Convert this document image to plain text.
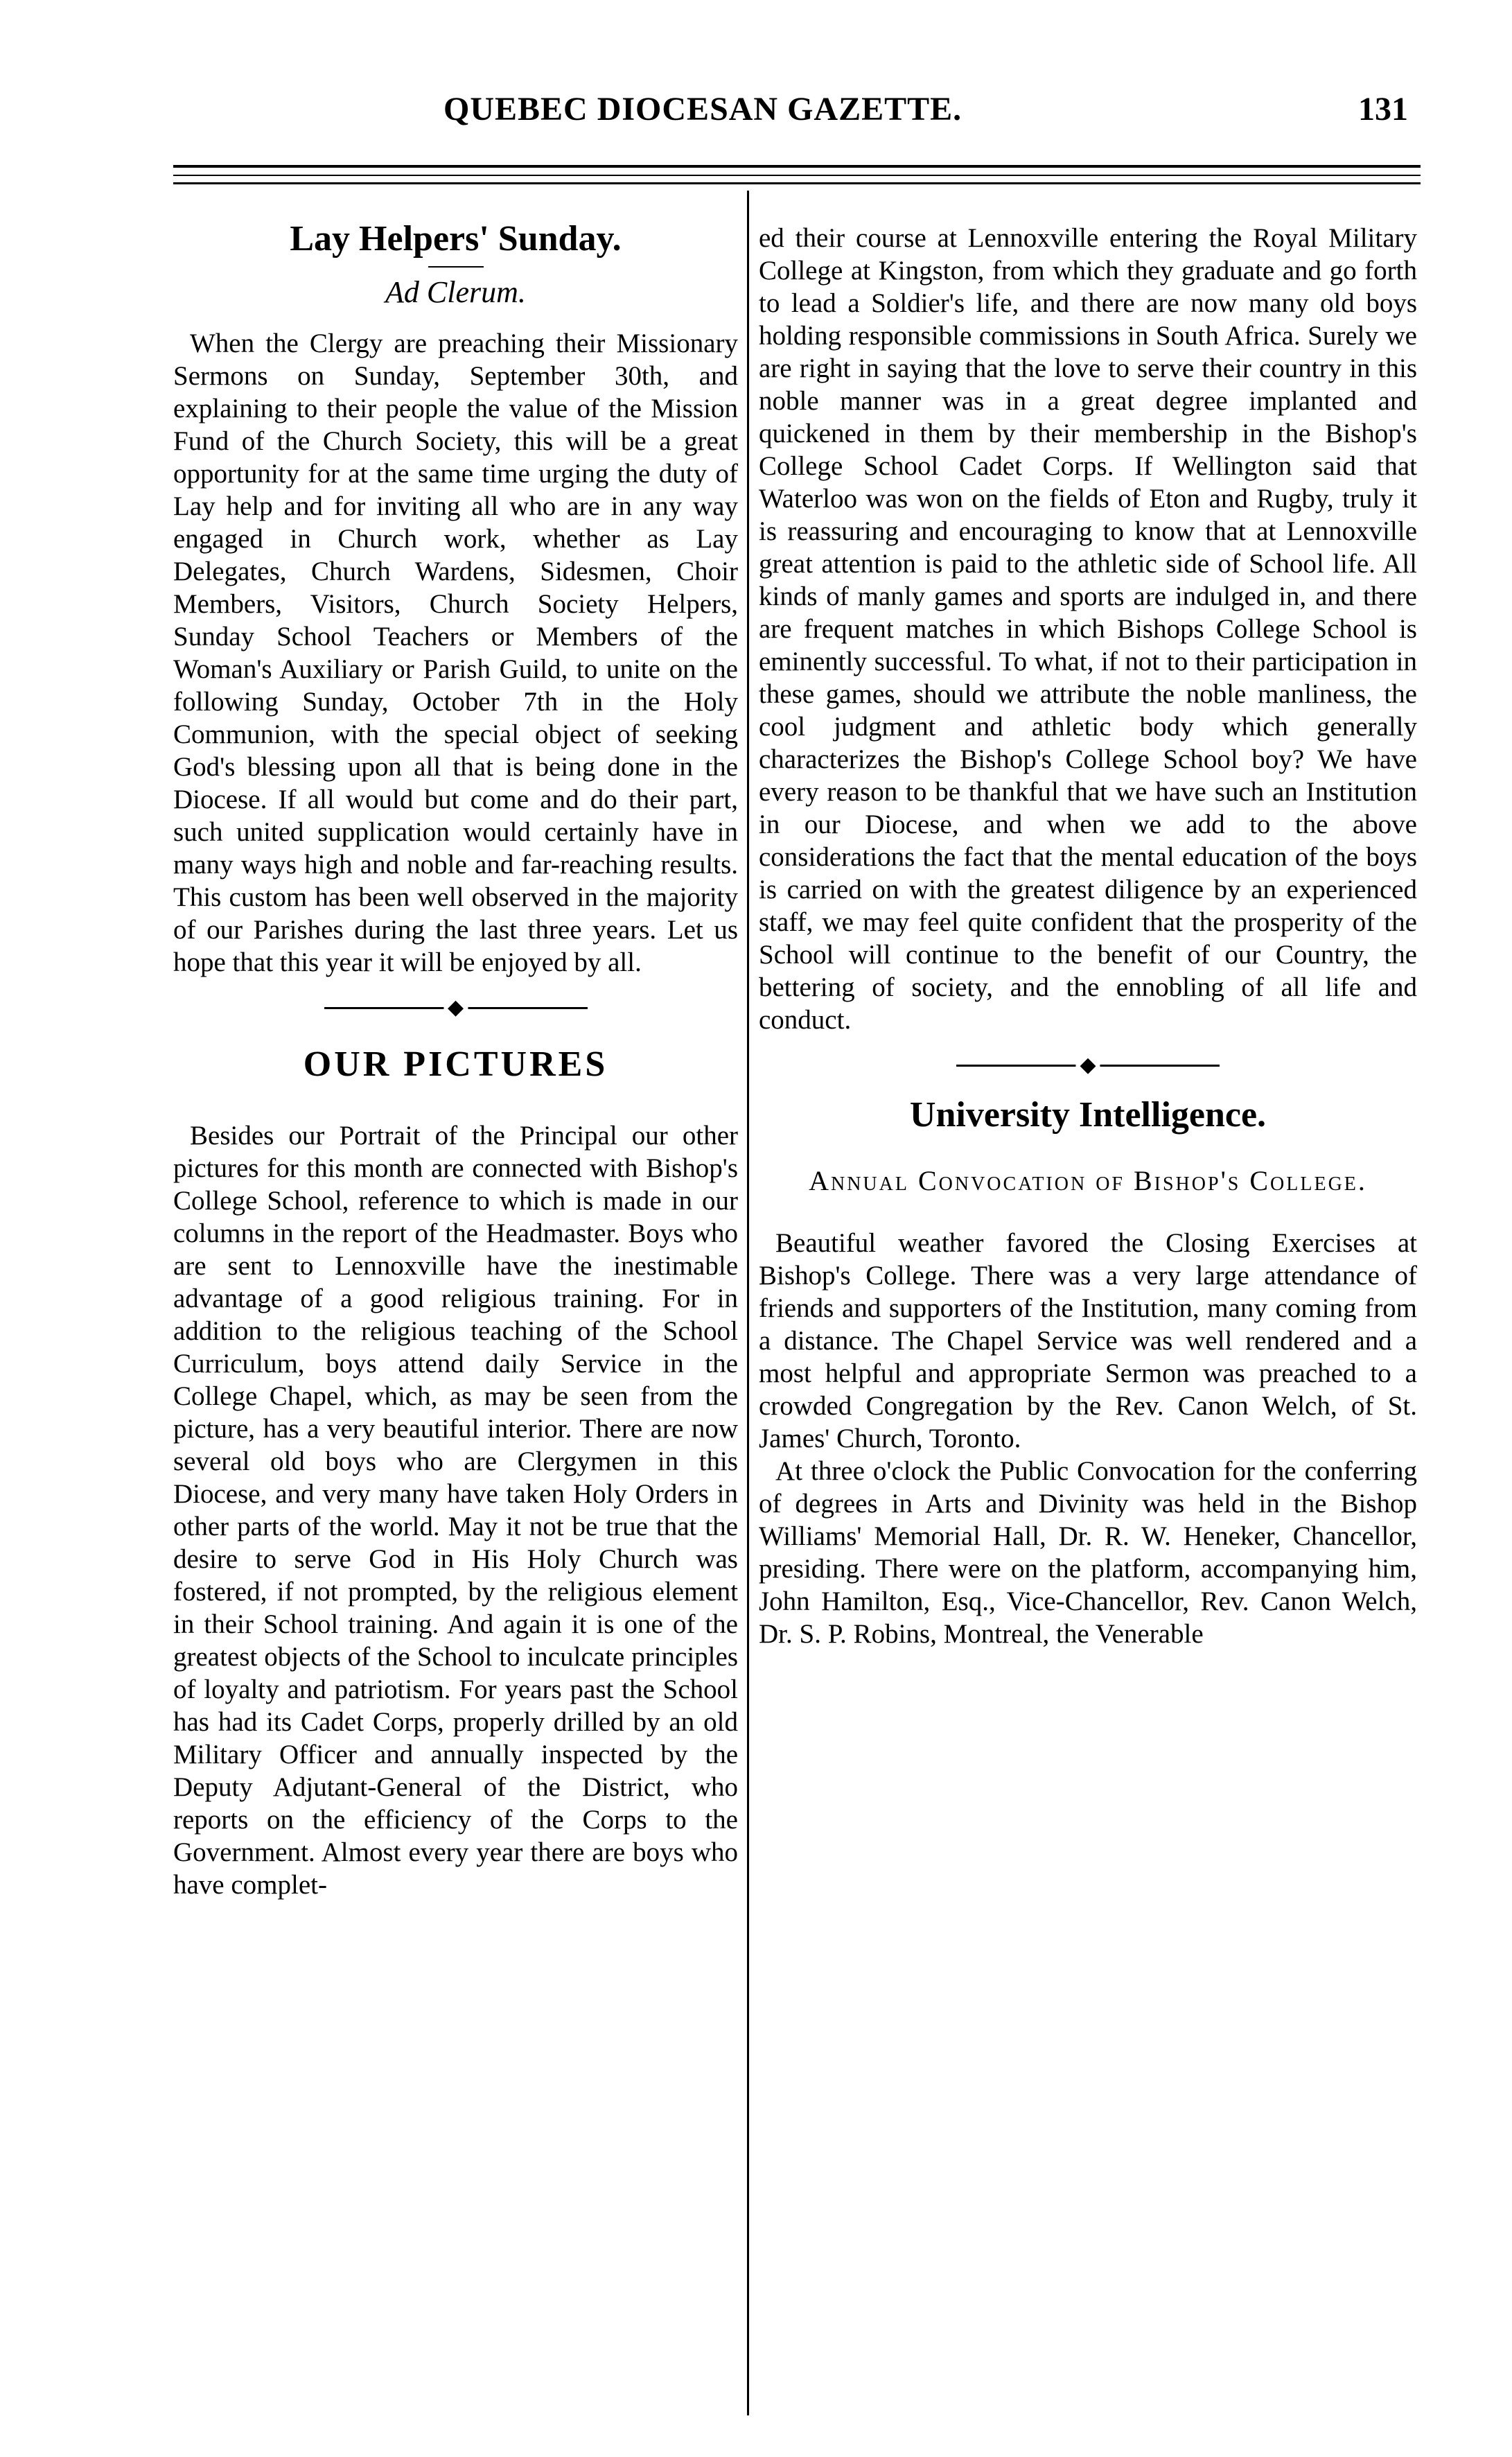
QUEBEC DIOCESAN GAZETTE.	131
Lay Helpers' Sunday.
Ad Clerum.

When the Clergy are preaching their Missionary Sermons on Sunday, September 30th, and explaining to their people the value of the Mission Fund of the Church Society, this will be a great opportunity for at the same time urging the duty of Lay help and for inviting all who are in any way engaged in Church work, whether as Lay Delegates, Church Wardens, Sidesmen, Choir Members, Visitors, Church Society Helpers, Sunday School Teachers or Members of the Woman's Auxiliary or Parish Guild, to unite on the following Sunday, October 7th in the Holy Communion, with the special object of seeking God's blessing upon all that is being done in the Diocese. If all would but come and do their part, such united supplication would certainly have in many ways high and noble and far-reaching results. This custom has been well observed in the majority of our Parishes during the last three years. Let us hope that this year it will be enjoyed by all.

◆
OUR PICTURES

Besides our Portrait of the Principal our other pictures for this month are connected with Bishop's College School, reference to which is made in our columns in the report of the Headmaster. Boys who are sent to Lennoxville have the inestimable advantage of a good religious training. For in addition to the religious teaching of the School Curriculum, boys attend daily Service in the College Chapel, which, as may be seen from the picture, has a very beautiful interior. There are now several old boys who are Clergymen in this Diocese, and very many have taken Holy Orders in other parts of the world. May it not be true that the desire to serve God in His Holy Church was fostered, if not prompted, by the religious element in their School training. And again it is one of the greatest objects of the School to inculcate principles of loyalty and patriotism. For years past the School has had its Cadet Corps, properly drilled by an old Military Officer and annually inspected by the Deputy Adjutant-General of the District, who reports on the efficiency of the Corps to the Government. Almost every year there are boys who have complet-

ed their course at Lennoxville entering the Royal Military College at Kingston, from which they graduate and go forth to lead a Soldier's life, and there are now many old boys holding responsible commissions in South Africa. Surely we are right in saying that the love to serve their country in this noble manner was in a great degree implanted and quickened in them by their membership in the Bishop's College School Cadet Corps. If Wellington said that Waterloo was won on the fields of Eton and Rugby, truly it is reassuring and encouraging to know that at Lennoxville great attention is paid to the athletic side of School life. All kinds of manly games and sports are indulged in, and there are frequent matches in which Bishops College School is eminently successful. To what, if not to their participation in these games, should we attribute the noble manliness, the cool judgment and athletic body which generally characterizes the Bishop's College School boy? We have every reason to be thankful that we have such an Institution in our Diocese, and when we add to the above considerations the fact that the mental education of the boys is carried on with the greatest diligence by an experienced staff, we may feel quite confident that the prosperity of the School will continue to the benefit of our Country, the bettering of society, and the ennobling of all life and conduct.

◆
University Intelligence.
Annual Convocation of Bishop's College.

Beautiful weather favored the Closing Exercises at Bishop's College. There was a very large attendance of friends and supporters of the Institution, many coming from a distance. The Chapel Service was well rendered and a most helpful and appropriate Sermon was preached to a crowded Congregation by the Rev. Canon Welch, of St. James' Church, Toronto.

At three o'clock the Public Convocation for the conferring of degrees in Arts and Divinity was held in the Bishop Williams' Memorial Hall, Dr. R. W. Heneker, Chancellor, presiding. There were on the platform, accompanying him, John Hamilton, Esq., Vice-Chancellor, Rev. Canon Welch, Dr. S. P. Robins, Montreal, the Venerable
